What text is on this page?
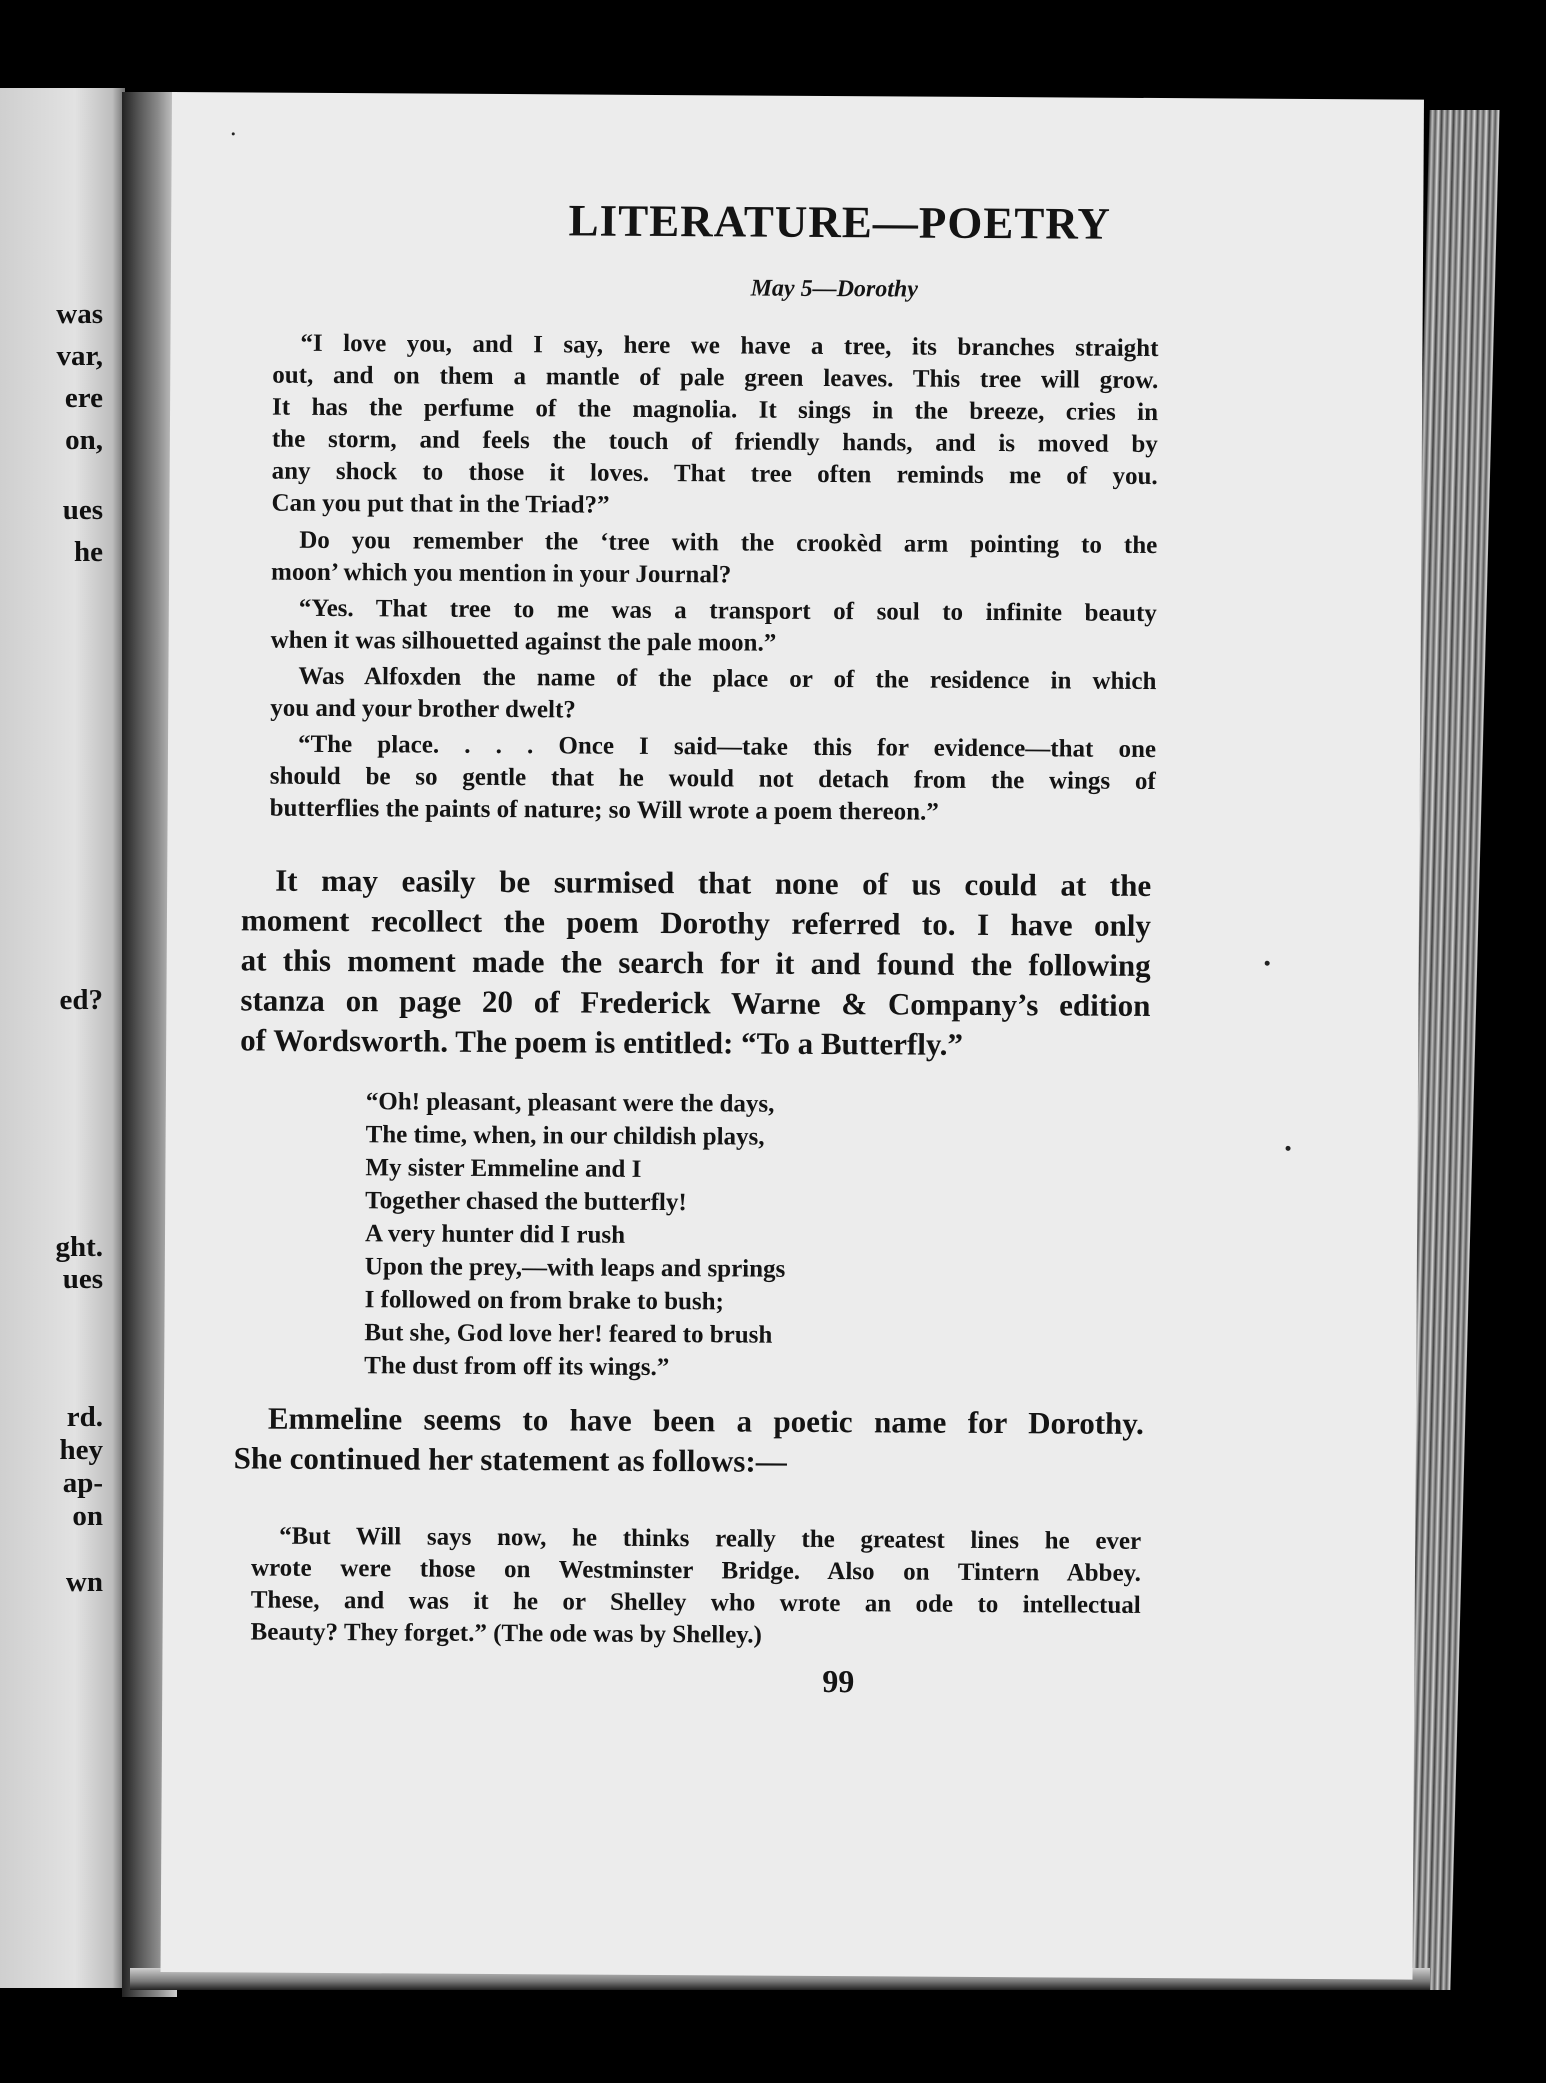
was
var,
ere
on,
ues
he
ed?
ght.
ues
rd.
hey
ap-
on
wn
LITERATURE—POETRY
May 5—Dorothy
“I love you, and I say, here we have a tree, its branches straight
out, and on them a mantle of pale green leaves. This tree will grow.
It has the perfume of the magnolia. It sings in the breeze, cries in
the storm, and feels the touch of friendly hands, and is moved by
any shock to those it loves. That tree often reminds me of you.
Can you put that in the Triad?”
Do you remember the ‘tree with the crookèd arm pointing to the
moon’ which you mention in your Journal?
“Yes. That tree to me was a transport of soul to infinite beauty
when it was silhouetted against the pale moon.”
Was Alfoxden the name of the place or of the residence in which
you and your brother dwelt?
“The place. . . . Once I said—take this for evidence—that one
should be so gentle that he would not detach from the wings of
butterflies the paints of nature; so Will wrote a poem thereon.”
It may easily be surmised that none of us could at the
moment recollect the poem Dorothy referred to. I have only
at this moment made the search for it and found the following
stanza on page 20 of Frederick Warne & Company’s edition
of Wordsworth. The poem is entitled: “To a Butterfly.”
“Oh! pleasant, pleasant were the days,
The time, when, in our childish plays,
My sister Emmeline and I
Together chased the butterfly!
A very hunter did I rush
Upon the prey,—with leaps and springs
I followed on from brake to bush;
But she, God love her! feared to brush
The dust from off its wings.”
Emmeline seems to have been a poetic name for Dorothy.
She continued her statement as follows:—
“But Will says now, he thinks really the greatest lines he ever
wrote were those on Westminster Bridge. Also on Tintern Abbey.
These, and was it he or Shelley who wrote an ode to intellectual
Beauty? They forget.” (The ode was by Shelley.)
99
